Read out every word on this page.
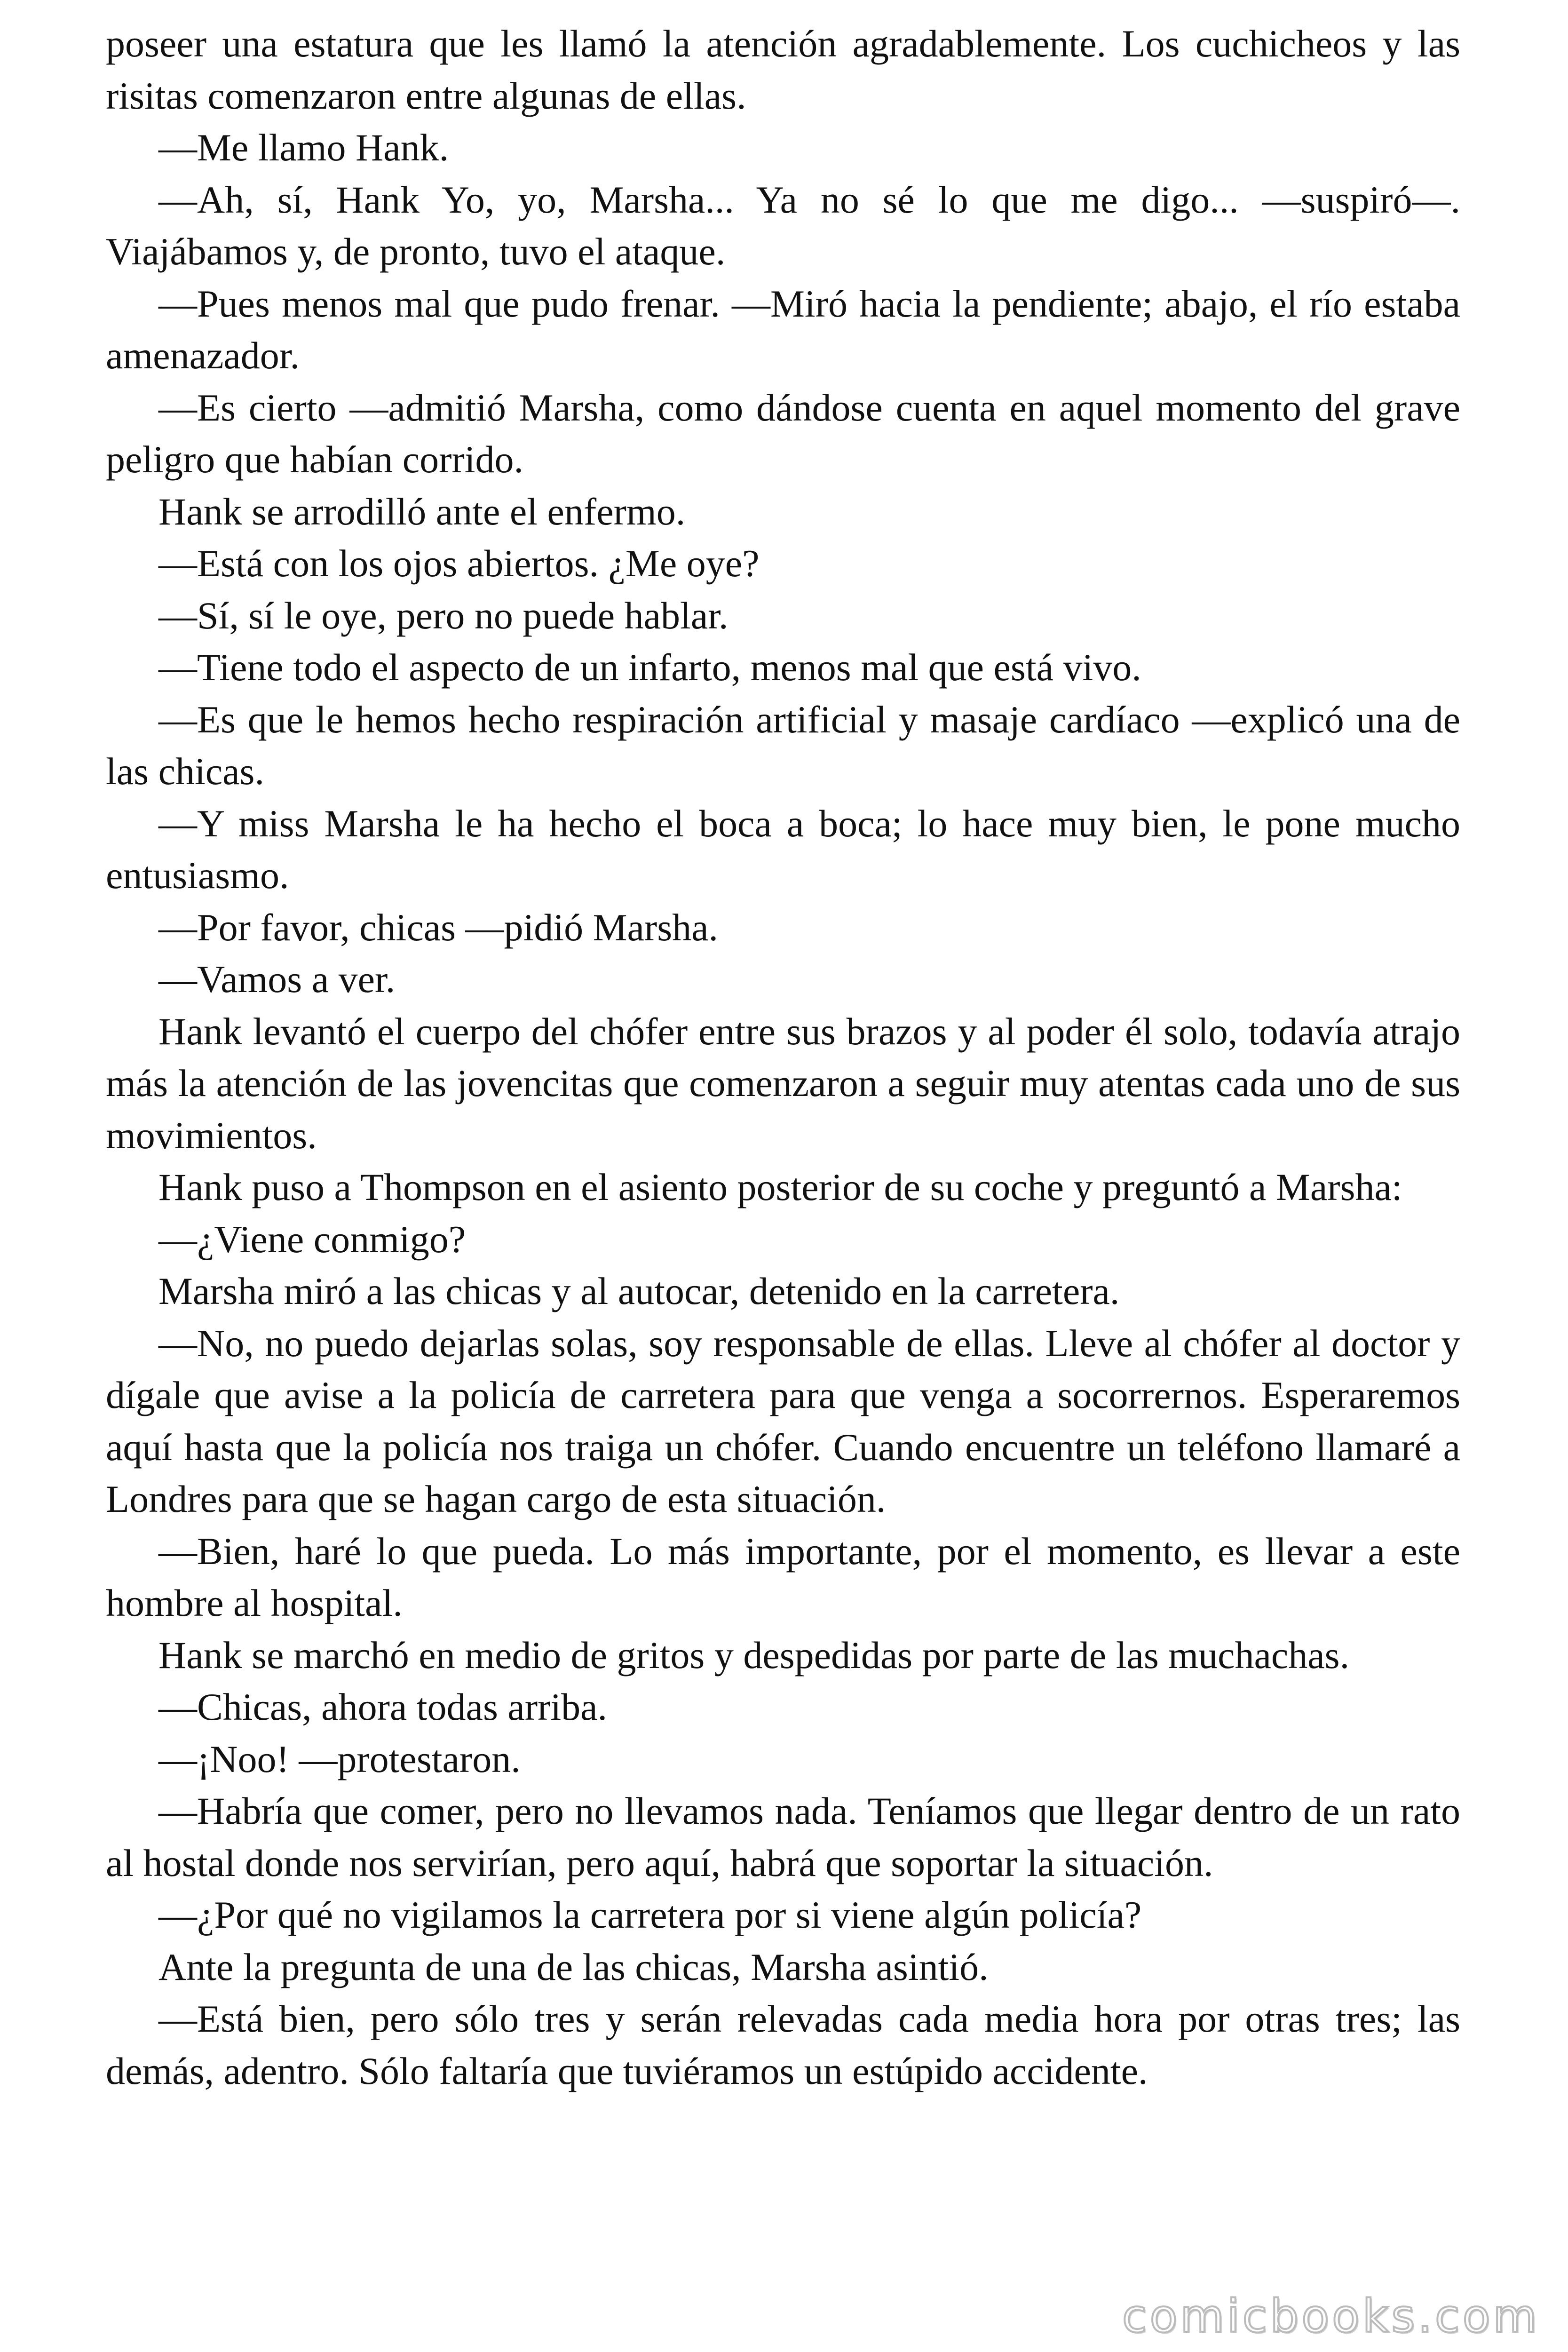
poseer una estatura que les llamó la atención agradablemente. Los cuchicheos y las risitas comenzaron entre algunas de ellas.

—Me llamo Hank.

—Ah, sí, Hank Yo, yo, Marsha... Ya no sé lo que me digo... —suspiró—. Viajábamos y, de pronto, tuvo el ataque.

—Pues menos mal que pudo frenar. —Miró hacia la pendiente; abajo, el río estaba amenazador.

—Es cierto —admitió Marsha, como dándose cuenta en aquel momento del grave peligro que habían corrido.

Hank se arrodilló ante el enfermo.

—Está con los ojos abiertos. ¿Me oye?

—Sí, sí le oye, pero no puede hablar.

—Tiene todo el aspecto de un infarto, menos mal que está vivo.

—Es que le hemos hecho respiración artificial y masaje cardíaco —explicó una de las chicas.

—Y miss Marsha le ha hecho el boca a boca; lo hace muy bien, le pone mucho entusiasmo.

—Por favor, chicas —pidió Marsha.

—Vamos a ver.

Hank levantó el cuerpo del chófer entre sus brazos y al poder él solo, todavía atrajo más la atención de las jovencitas que comenzaron a seguir muy atentas cada uno de sus movimientos.

Hank puso a Thompson en el asiento posterior de su coche y preguntó a Marsha:

—¿Viene conmigo?

Marsha miró a las chicas y al autocar, detenido en la carretera.

—No, no puedo dejarlas solas, soy responsable de ellas. Lleve al chófer al doctor y dígale que avise a la policía de carretera para que venga a socorrernos. Esperaremos aquí hasta que la policía nos traiga un chófer. Cuando encuentre un teléfono llamaré a Londres para que se hagan cargo de esta situación.

—Bien, haré lo que pueda. Lo más importante, por el momento, es llevar a este hombre al hospital.

Hank se marchó en medio de gritos y despedidas por parte de las muchachas.

—Chicas, ahora todas arriba.

—¡Noo! —protestaron.

—Habría que comer, pero no llevamos nada. Teníamos que llegar dentro de un rato al hostal donde nos servirían, pero aquí, habrá que soportar la situación.

—¿Por qué no vigilamos la carretera por si viene algún policía?

Ante la pregunta de una de las chicas, Marsha asintió.

—Está bien, pero sólo tres y serán relevadas cada media hora por otras tres; las demás, adentro. Sólo faltaría que tuviéramos un estúpido accidente.

comicbooks.com
